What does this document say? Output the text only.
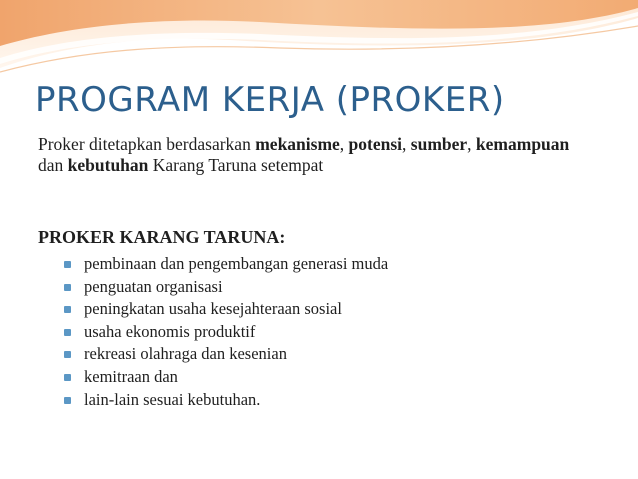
PROGRAM KERJA (PROKER)

Proker ditetapkan berdasarkan mekanisme, potensi, sumber, kemampuan dan kebutuhan Karang Taruna setempat

PROKER KARANG TARUNA:
pembinaan dan pengembangan generasi muda
penguatan organisasi
peningkatan usaha kesejahteraan sosial
usaha ekonomis produktif
rekreasi olahraga dan kesenian
kemitraan dan
lain-lain sesuai kebutuhan.
